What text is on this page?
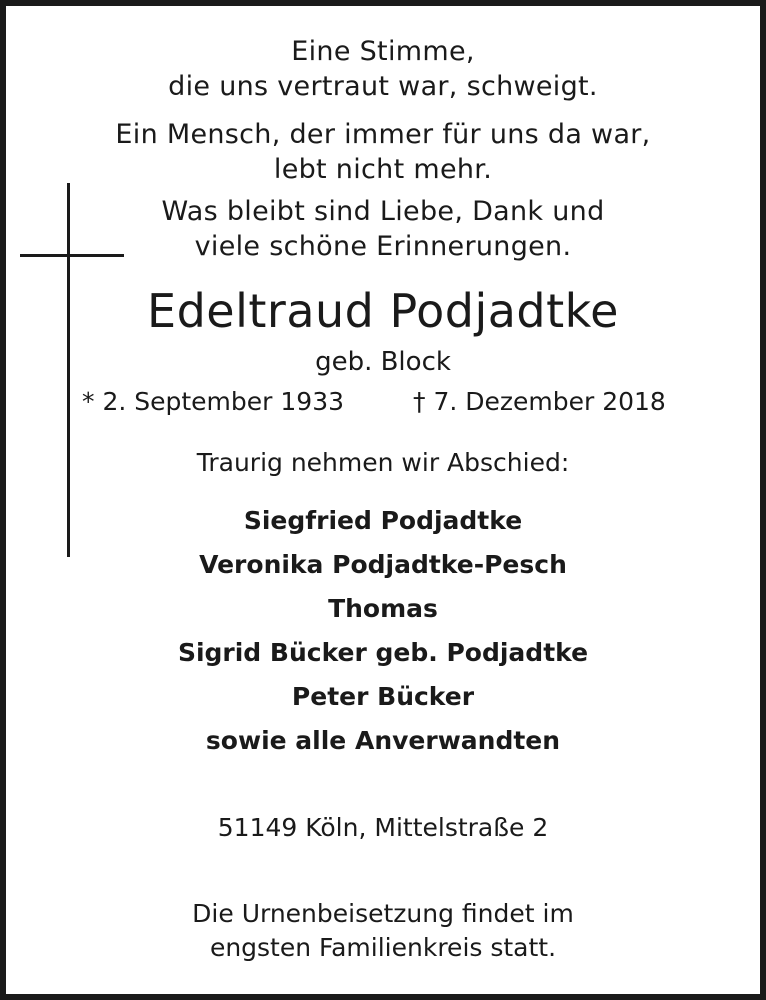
Eine Stimme,
die uns vertraut war, schweigt.
Ein Mensch, der immer für uns da war,
lebt nicht mehr.
Was bleibt sind Liebe, Dank und
viele schöne Erinnerungen.
Edeltraud Podjadtke
geb. Block
* 2. September 1933	† 7. Dezember 2018
Traurig nehmen wir Abschied:
Siegfried Podjadtke
Veronika Podjadtke-Pesch
Thomas
Sigrid Bücker geb. Podjadtke
Peter Bücker
sowie alle Anverwandten
51149 Köln, Mittelstraße 2
Die Urnenbeisetzung findet im
engsten Familienkreis statt.
